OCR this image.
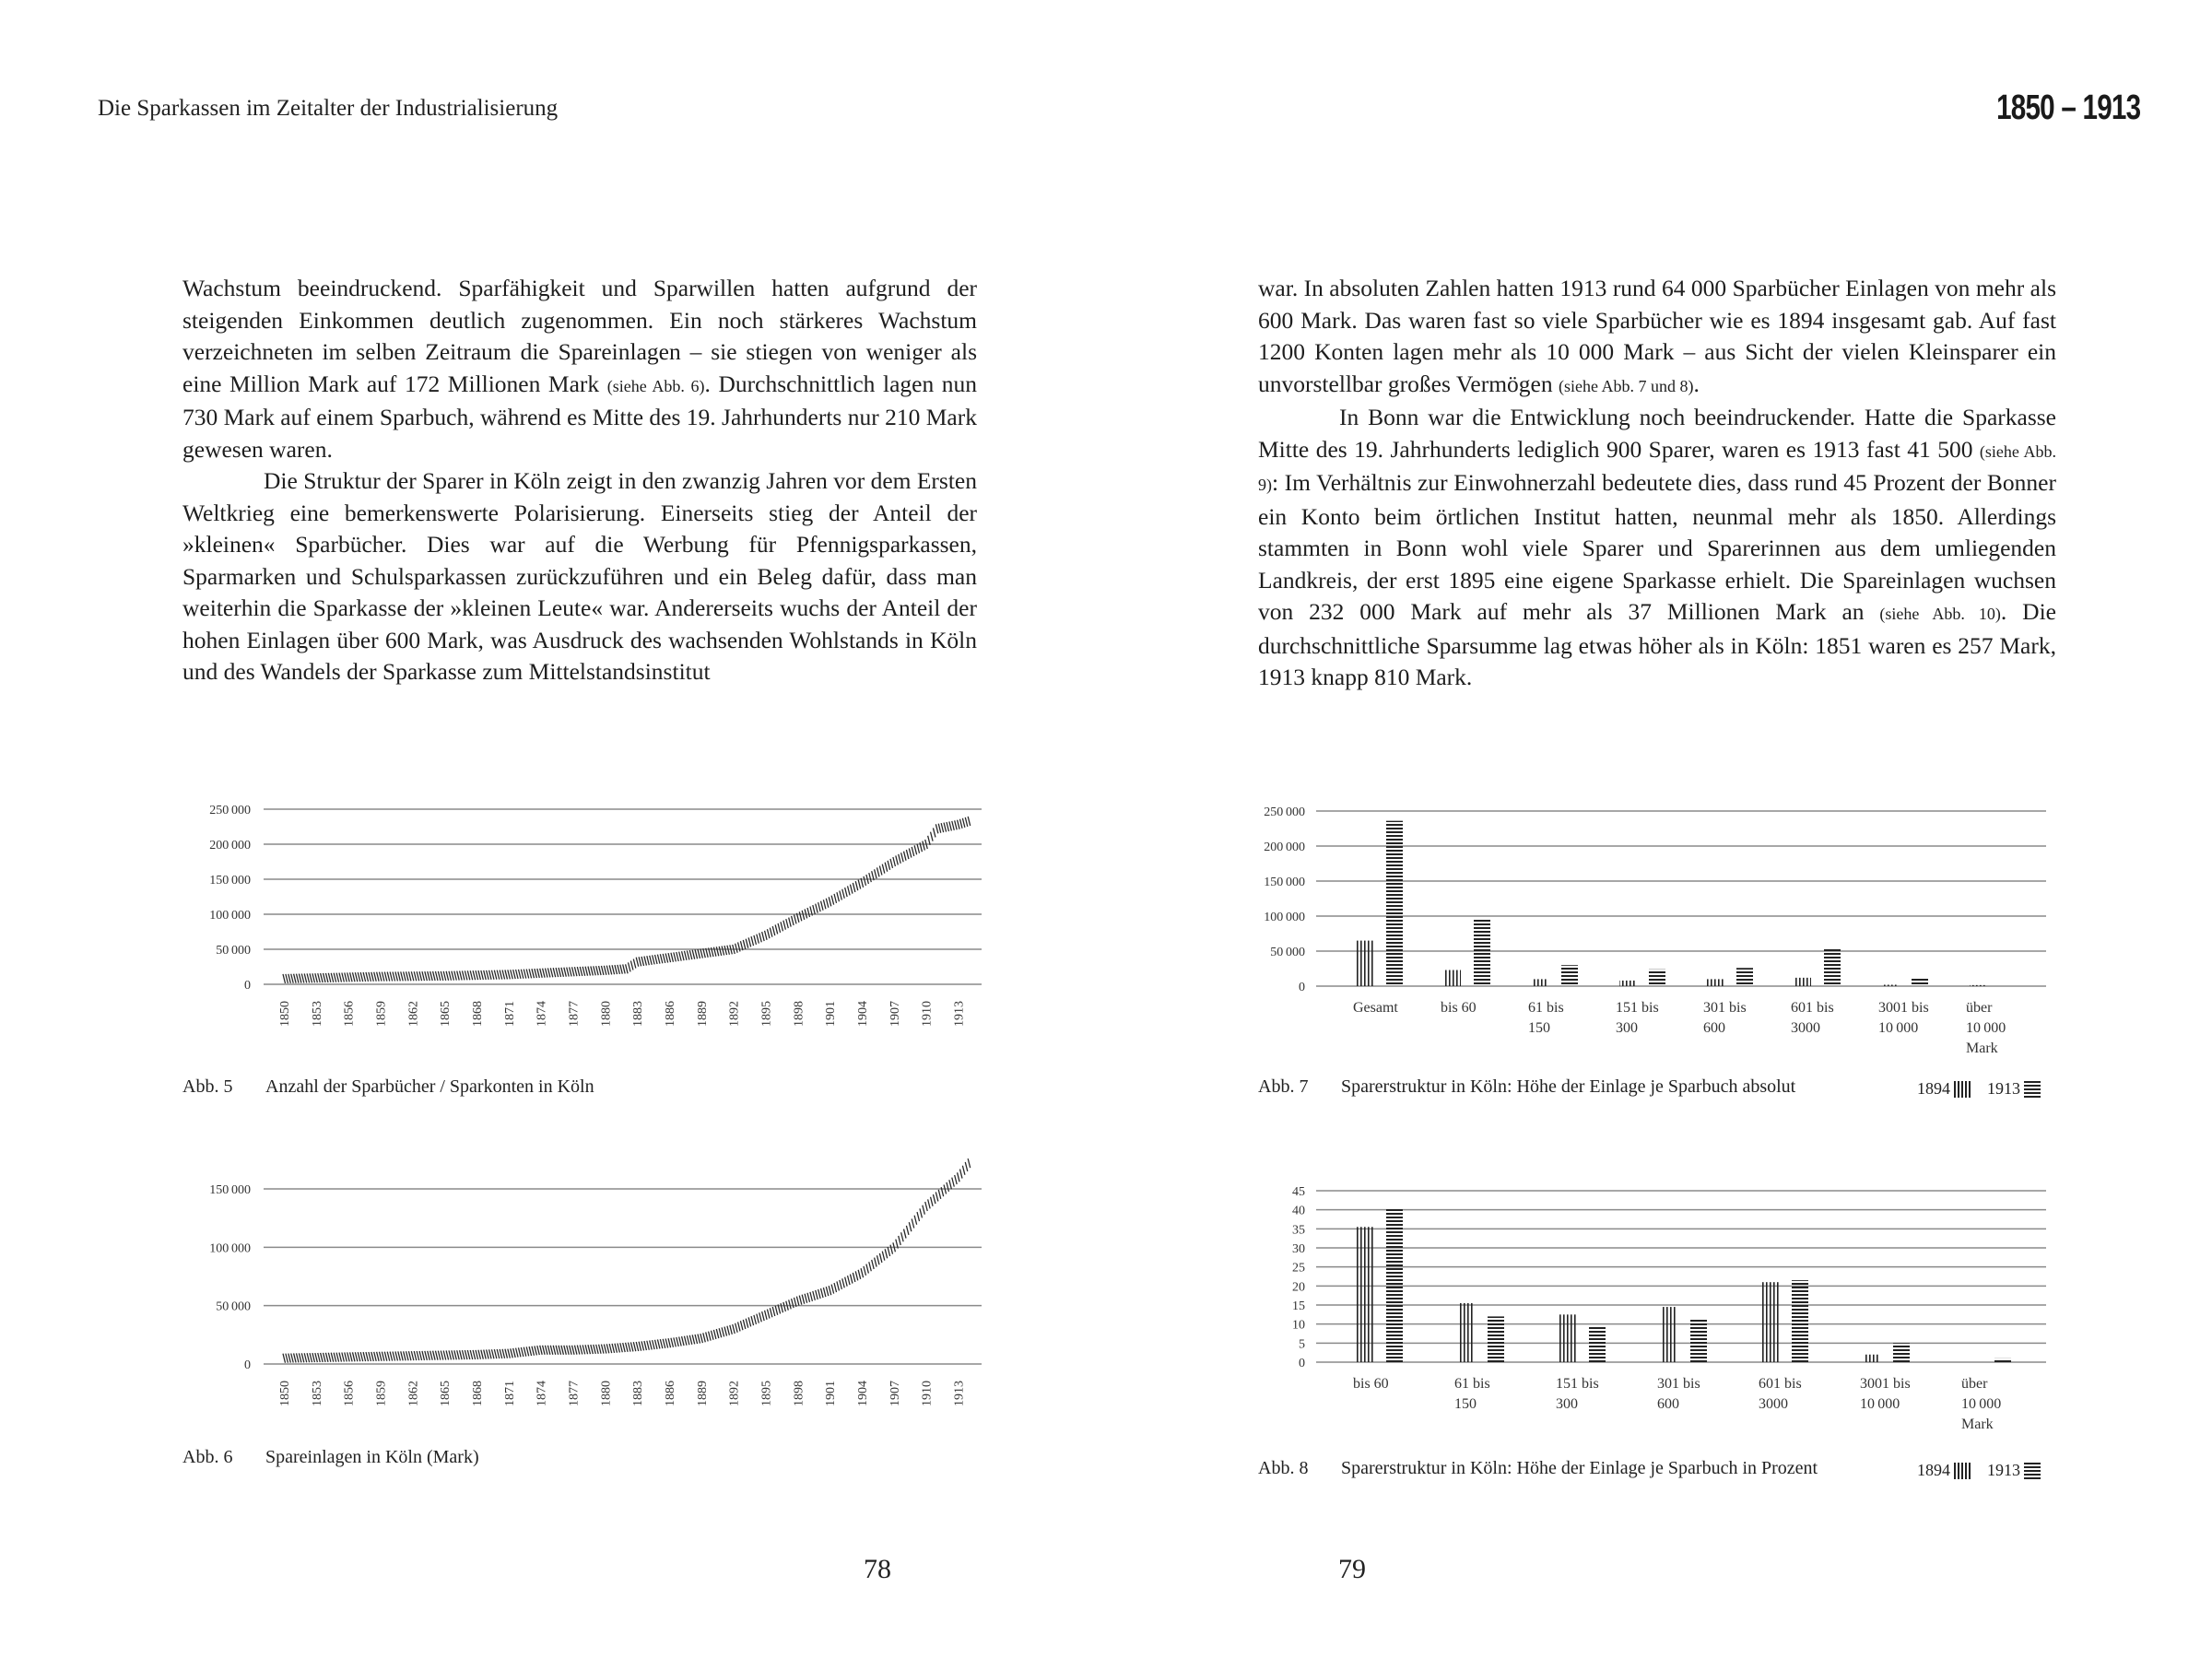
Die Sparkassen im Zeitalter der Industrialisierung	1850 – 1913

Wachstum beeindruckend. Sparfähigkeit und Sparwillen hatten aufgrund der steigenden Einkommen deutlich zugenommen. Ein noch stärkeres Wachstum verzeichneten im selben Zeitraum die Spareinlagen – sie stiegen von weniger als eine Million Mark auf 172 Millionen Mark (siehe Abb. 6). Durchschnittlich lagen nun 730 Mark auf einem Sparbuch, während es Mitte des 19. Jahrhunderts nur 210 Mark gewesen waren.

Die Struktur der Sparer in Köln zeigt in den zwanzig Jahren vor dem Ersten Weltkrieg eine bemerkenswerte Polarisierung. Einerseits stieg der Anteil der »kleinen« Sparbücher. Dies war auf die Werbung für Pfennigsparkassen, Sparmarken und Schulsparkassen zurückzuführen und ein Beleg dafür, dass man weiterhin die Sparkasse der »kleinen Leute« war. Andererseits wuchs der Anteil der hohen Einlagen über 600 Mark, was Ausdruck des wachsenden Wohlstands in Köln und des Wandels der Sparkasse zum Mittelstandsinstitut

war. In absoluten Zahlen hatten 1913 rund 64 000 Sparbücher Einlagen von mehr als 600 Mark. Das waren fast so viele Sparbücher wie es 1894 insgesamt gab. Auf fast 1200 Konten lagen mehr als 10 000 Mark – aus Sicht der vielen Kleinsparer ein unvorstellbar großes Vermögen (siehe Abb. 7 und 8).

In Bonn war die Entwicklung noch beeindruckender. Hatte die Sparkasse Mitte des 19. Jahrhunderts lediglich 900 Sparer, waren es 1913 fast 41 500 (siehe Abb. 9): Im Verhältnis zur Einwohnerzahl bedeutete dies, dass rund 45 Prozent der Bonner ein Konto beim örtlichen Institut hatten, neunmal mehr als 1850. Allerdings stammten in Bonn wohl viele Sparer und Sparerinnen aus dem umliegenden Landkreis, der erst 1895 eine eigene Sparkasse erhielt. Die Spareinlagen wuchsen von 232 000 Mark auf mehr als 37 Millionen Mark an (siehe Abb. 10). Die durchschnittliche Sparsumme lag etwas höher als in Köln: 1851 waren es 257 Mark, 1913 knapp 810 Mark.

0
50 000
100 000
150 000
200 000
250 000
1850 1853 1856 1859 1862 1865 1868 1871 1874 1877 1880 1883 1886 1889 1892 1895 1898 1901 1904 1907 1910 1913
Abb. 5 Anzahl der Sparbücher / Sparkonten in Köln
0
50 000
100 000
150 000
1850 1853 1856 1859 1862 1865 1868 1871 1874 1877 1880 1883 1886 1889 1892 1895 1898 1901 1904 1907 1910 1913
Abb. 6 Spareinlagen in Köln (Mark)
0
50 000
100 000
150 000
200 000
250 000
Gesamt	bis 60	61 bis
150
151 bis
300
301 bis
600
601 bis
3000
3001 bis
10 000
über
10 000
Mark
Abb. 7 Sparerstruktur in Köln: Höhe der Einlage je Sparbuch absolut	1894 1913
0
5
10
15
20
25
30
35
40
45
bis 60	61 bis
150
151 bis
300
301 bis
600
601 bis
3000
3001 bis
10 000
über
10 000
Mark
Abb. 8 Sparerstruktur in Köln: Höhe der Einlage je Sparbuch in Prozent	1894 1913
78	79
